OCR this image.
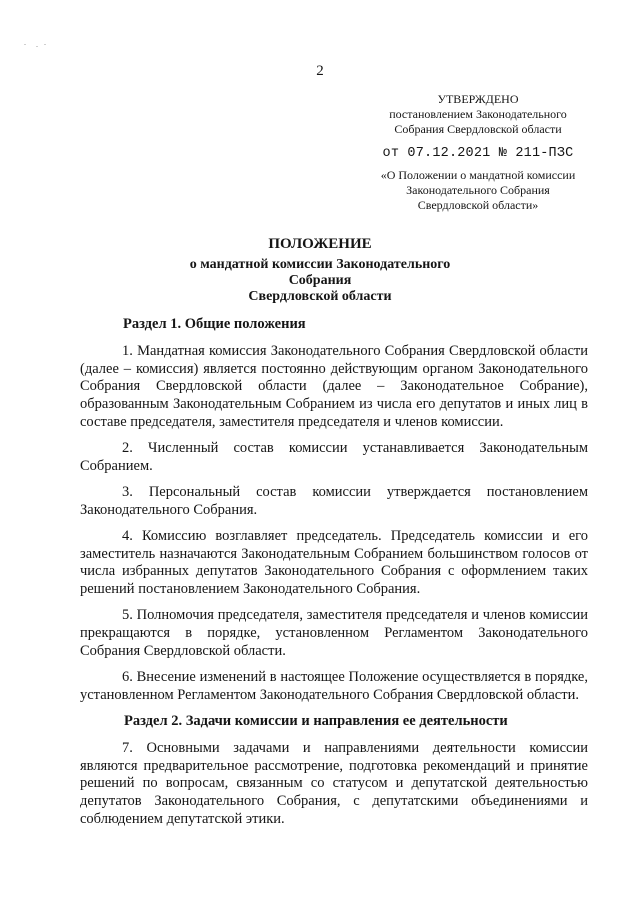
2
УТВЕРЖДЕНО
постановлением Законодательного
Собрания Свердловской области
от 07.12.2021 № 211-ПЗС
«О Положении о мандатной комиссии
Законодательного Собрания
Свердловской области»
ПОЛОЖЕНИЕ
о мандатной комиссии Законодательного Собрания
Свердловской области
Раздел 1. Общие положения

1. Мандатная комиссия Законодательного Собрания Свердловской области (далее – комиссия) является постоянно действующим органом Законодательного Собрания Свердловской области (далее – Законодательное Собрание), образованным Законодательным Собранием из числа его депутатов и иных лиц в составе председателя, заместителя председателя и членов комиссии.

2. Численный состав комиссии устанавливается Законодательным Собранием.

3. Персональный состав комиссии утверждается постановлением Законодательного Собрания.

4. Комиссию возглавляет председатель. Председатель комиссии и его заместитель назначаются Законодательным Собранием большинством голосов от числа избранных депутатов Законодательного Собрания с оформлением таких решений постановлением Законодательного Собрания.

5. Полномочия председателя, заместителя председателя и членов комиссии прекращаются в порядке, установленном Регламентом Законодательного Собрания Свердловской области.

6. Внесение изменений в настоящее Положение осуществляется в порядке, установленном Регламентом Законодательного Собрания Свердловской области.

Раздел 2. Задачи комиссии и направления ее деятельности

7. Основными задачами и направлениями деятельности комиссии являются предварительное рассмотрение, подготовка рекомендаций и принятие решений по вопросам, связанным со статусом и депутатской деятельностью депутатов Законодательного Собрания, с депутатскими объединениями и соблюдением депутатской этики.
